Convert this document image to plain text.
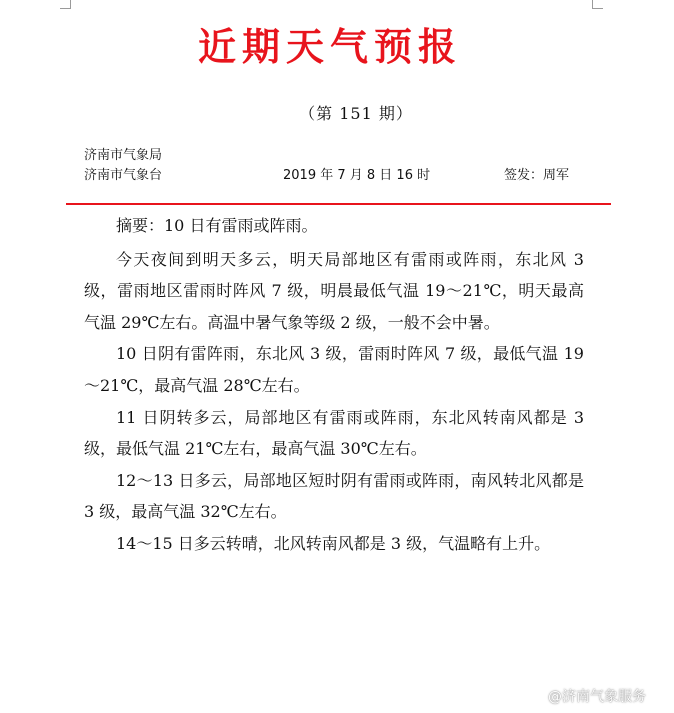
近期天气预报
（第 151 期）
济南市气象局
济南市气象台	2019 年 7 月 8 日 16 时	签发：周军

摘要：10 日有雷雨或阵雨。

今天夜间到明天多云，明天局部地区有雷雨或阵雨，东北风 3 级，雷雨地区雷雨时阵风 7 级，明晨最低气温 19～21℃，明天最高气温 29℃左右。高温中暑气象等级 2 级，一般不会中暑。

10 日阴有雷阵雨，东北风 3 级，雷雨时阵风 7 级，最低气温 19～21℃，最高气温 28℃左右。

11 日阴转多云，局部地区有雷雨或阵雨，东北风转南风都是 3 级，最低气温 21℃左右，最高气温 30℃左右。

12～13 日多云，局部地区短时阴有雷雨或阵雨，南风转北风都是 3 级，最高气温 32℃左右。

14～15 日多云转晴，北风转南风都是 3 级，气温略有上升。

@济南气象服务
